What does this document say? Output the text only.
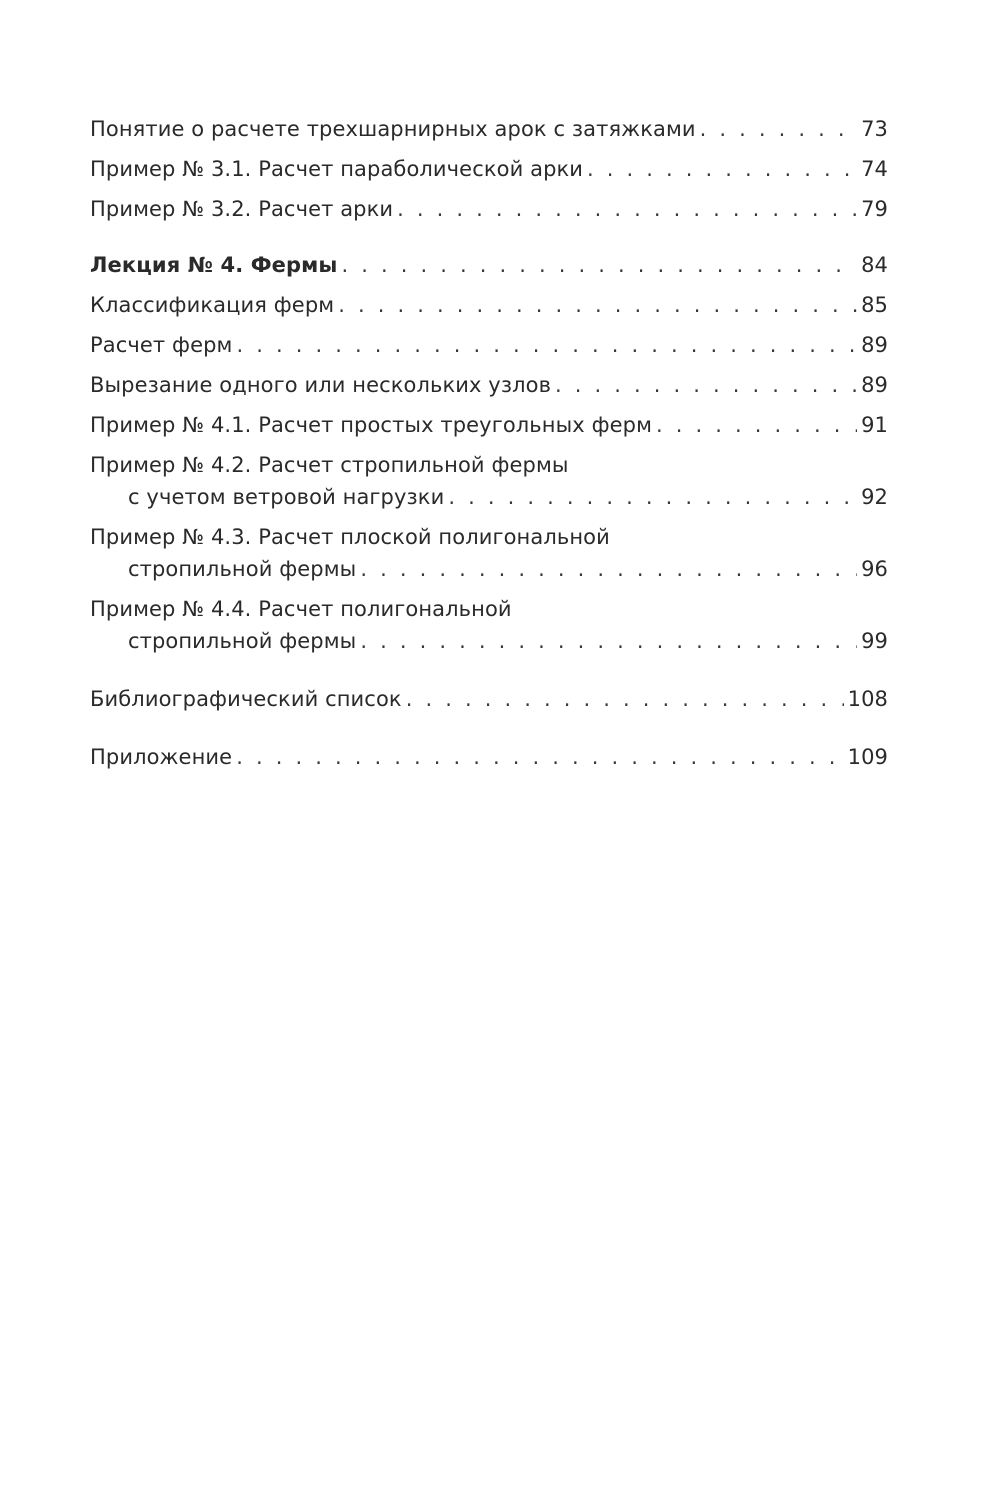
Понятие о расчете трехшарнирных арок с затяжками . . .	73
Пример № 3.1. Расчет параболической арки . . .	74
Пример № 3.2. Расчет арки . . .	79
Лекция № 4. Фермы . . .	84
Классификация ферм . . .	85
Расчет ферм . . .	89
Вырезание одного или нескольких узлов . . .	89
Пример № 4.1. Расчет простых треугольных ферм . . .	91
Пример № 4.2. Расчет стропильной фермы
с учетом ветровой нагрузки . . .	92
Пример № 4.3. Расчет плоской полигональной
стропильной фермы . . .	96
Пример № 4.4. Расчет полигональной
стропильной фермы . . .	99
Библиографический список . . .	108
Приложение . . .	109
